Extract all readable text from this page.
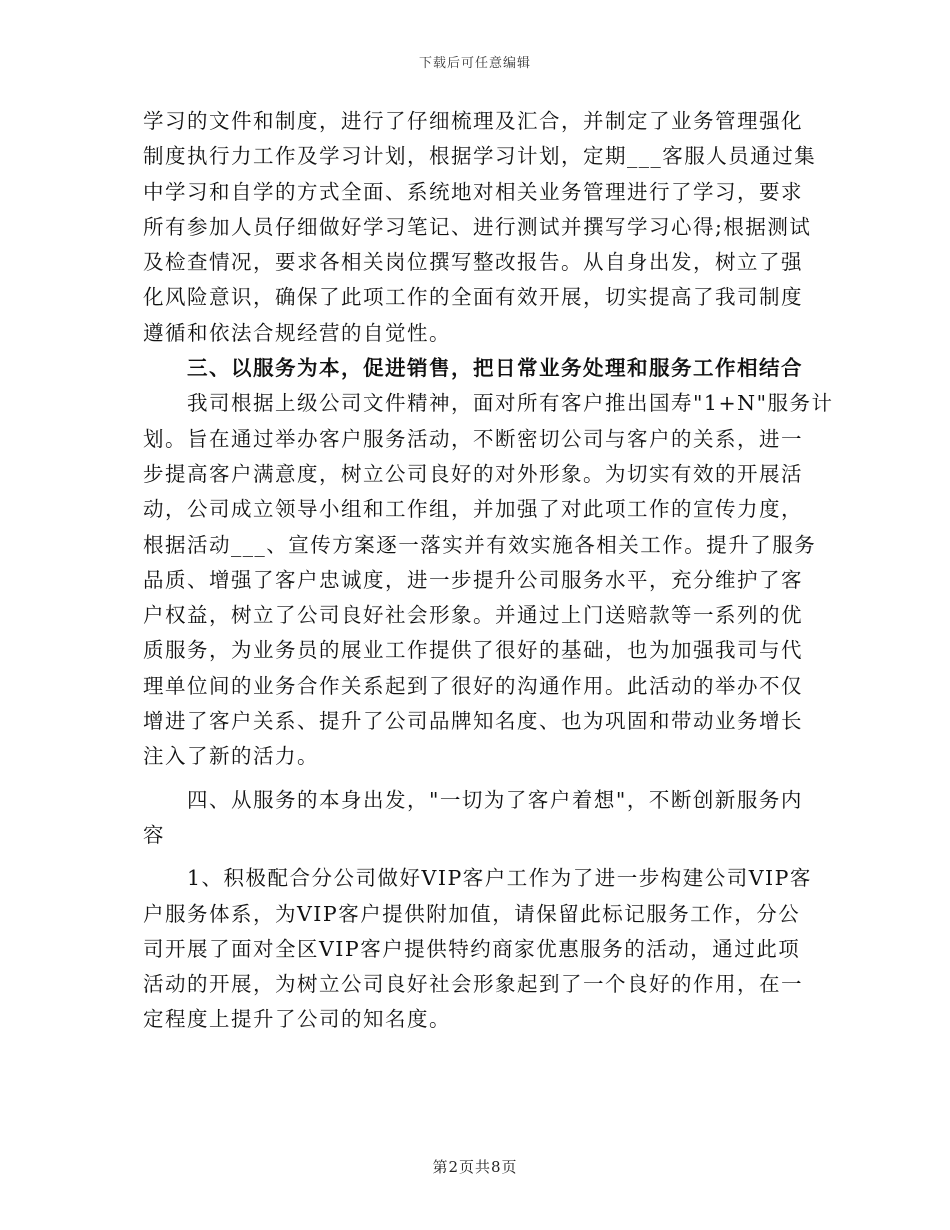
下载后可任意编辑

学习的文件和制度，进行了仔细梳理及汇合，并制定了业务管理强化
制度执行力工作及学习计划，根据学习计划，定期___客服人员通过集
中学习和自学的方式全面、系统地对相关业务管理进行了学习，要求
所有参加人员仔细做好学习笔记、进行测试并撰写学习心得;根据测试
及检查情况，要求各相关岗位撰写整改报告。从自身出发，树立了强
化风险意识，确保了此项工作的全面有效开展，切实提高了我司制度
遵循和依法合规经营的自觉性。

三、以服务为本，促进销售，把日常业务处理和服务工作相结合

我司根据上级公司文件精神，面对所有客户推出国寿"1+N"服务计
划。旨在通过举办客户服务活动，不断密切公司与客户的关系，进一
步提高客户满意度，树立公司良好的对外形象。为切实有效的开展活
动，公司成立领导小组和工作组，并加强了对此项工作的宣传力度，
根据活动___、宣传方案逐一落实并有效实施各相关工作。提升了服务
品质、增强了客户忠诚度，进一步提升公司服务水平，充分维护了客
户权益，树立了公司良好社会形象。并通过上门送赔款等一系列的优
质服务，为业务员的展业工作提供了很好的基础，也为加强我司与代
理单位间的业务合作关系起到了很好的沟通作用。此活动的举办不仅
增进了客户关系、提升了公司品牌知名度、也为巩固和带动业务增长
注入了新的活力。

四、从服务的本身出发，"一切为了客户着想"，不断创新服务内
容

1、积极配合分公司做好VIP客户工作为了进一步构建公司VIP客
户服务体系，为VIP客户提供附加值，请保留此标记服务工作，分公
司开展了面对全区VIP客户提供特约商家优惠服务的活动，通过此项
活动的开展，为树立公司良好社会形象起到了一个良好的作用，在一
定程度上提升了公司的知名度。

第2页共8页
